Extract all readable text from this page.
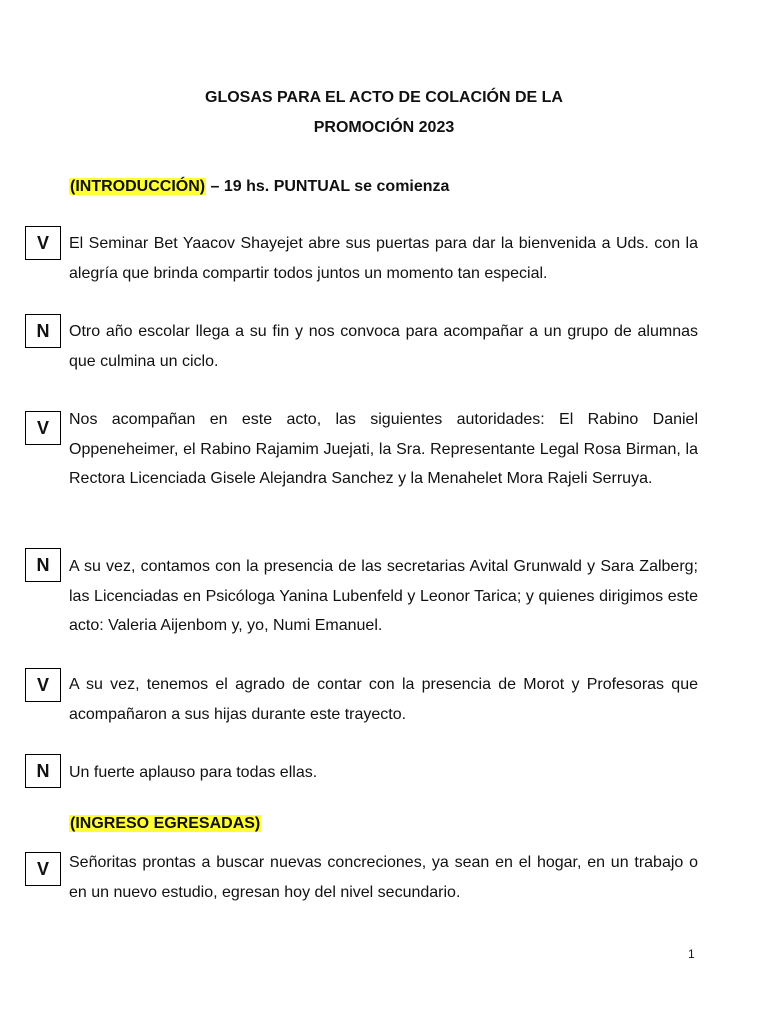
GLOSAS PARA EL ACTO DE COLACIÓN DE LA
PROMOCIÓN 2023
(INTRODUCCIÓN) – 19 hs. PUNTUAL se comienza
V	El Seminar Bet Yaacov Shayejet abre sus puertas para dar la bienvenida a Uds. con la alegría que brinda compartir todos juntos un momento tan especial.
N	Otro año escolar llega a su fin y nos convoca para acompañar a un grupo de alumnas que culmina un ciclo.
V	Nos acompañan en este acto, las siguientes autoridades: El Rabino Daniel Oppeneheimer, el Rabino Rajamim Juejati, la Sra. Representante Legal Rosa Birman, la Rectora Licenciada Gisele Alejandra Sanchez y la Menahelet Mora Rajeli Serruya.
N	A su vez, contamos con la presencia de las secretarias Avital Grunwald y Sara Zalberg; las Licenciadas en Psicóloga Yanina Lubenfeld y Leonor Tarica; y quienes dirigimos este acto: Valeria Aijenbom y, yo, Numi Emanuel.
V	A su vez, tenemos el agrado de contar con la presencia de Morot y Profesoras que acompañaron a sus hijas durante este trayecto.
N	Un fuerte aplauso para todas ellas.
(INGRESO EGRESADAS)
V	Señoritas prontas a buscar nuevas concreciones, ya sean en el hogar, en un trabajo o en un nuevo estudio, egresan hoy del nivel secundario.
1
